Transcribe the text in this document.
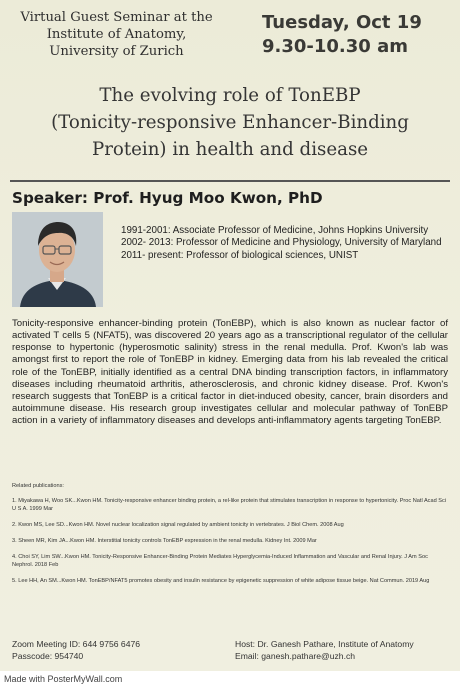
Virtual Guest Seminar at the
Institute of Anatomy,
University of Zurich
Tuesday, Oct 19
9.30-10.30 am
The evolving role of TonEBP
(Tonicity-responsive Enhancer-Binding
Protein) in health and disease
Speaker: Prof. Hyug Moo Kwon, PhD
1991-2001: Associate Professor of Medicine, Johns Hopkins University
2002- 2013: Professor of Medicine and Physiology, University of Maryland
2011- present: Professor of biological sciences, UNIST
Tonicity-responsive enhancer-binding protein (TonEBP), which is also known as nuclear factor of activated T cells 5 (NFAT5), was discovered 20 years ago as a transcriptional regulator of the cellular response to hypertonic (hyperosmotic salinity) stress in the renal medulla. Prof. Kwon's lab was amongst first to report the role of TonEBP in kidney. Emerging data from his lab revealed the critical role of the TonEBP, initially identified as a central DNA binding transcription factors, in inflammatory diseases including rheumatoid arthritis, atherosclerosis, and chronic kidney disease. Prof. Kwon's research suggests that TonEBP is a critical factor in diet-induced obesity, cancer, brain disorders and autoimmune disease. His research group investigates cellular and molecular pathway of TonEBP action in a variety of inflammatory diseases and develops anti-inflammatory agents targeting TonEBP.
Related publications:
1. Miyakawa H, Woo SK...Kwon HM. Tonicity-responsive enhancer binding protein, a rel-like protein that stimulates transcription in response to hypertonicity. Proc Natl Acad Sci U S A. 1999 Mar
2. Kwon MS, Lee SD...Kwon HM. Novel nuclear localization signal regulated by ambient tonicity in vertebrates. J Biol Chem. 2008 Aug
3. Sheen MR, Kim JA...Kwon HM. Interstitial tonicity controls TonEBP expression in the renal medulla. Kidney Int. 2009 Mar
4. Choi SY, Lim SW...Kwon HM. Tonicity-Responsive Enhancer-Binding Protein Mediates Hyperglycemia-Induced Inflammation and Vascular and Renal Injury. J Am Soc Nephrol. 2018 Feb
5. Lee HH, An SM...Kwon HM. TonEBP/NFAT5 promotes obesity and insulin resistance by epigenetic suppression of white adipose tissue beige. Nat Commun. 2019 Aug
Zoom Meeting ID: 644 9756 6476
Passcode: 954740
Host: Dr. Ganesh Pathare, Institute of Anatomy
Email: ganesh.pathare@uzh.ch
Made with PosterMyWall.com
